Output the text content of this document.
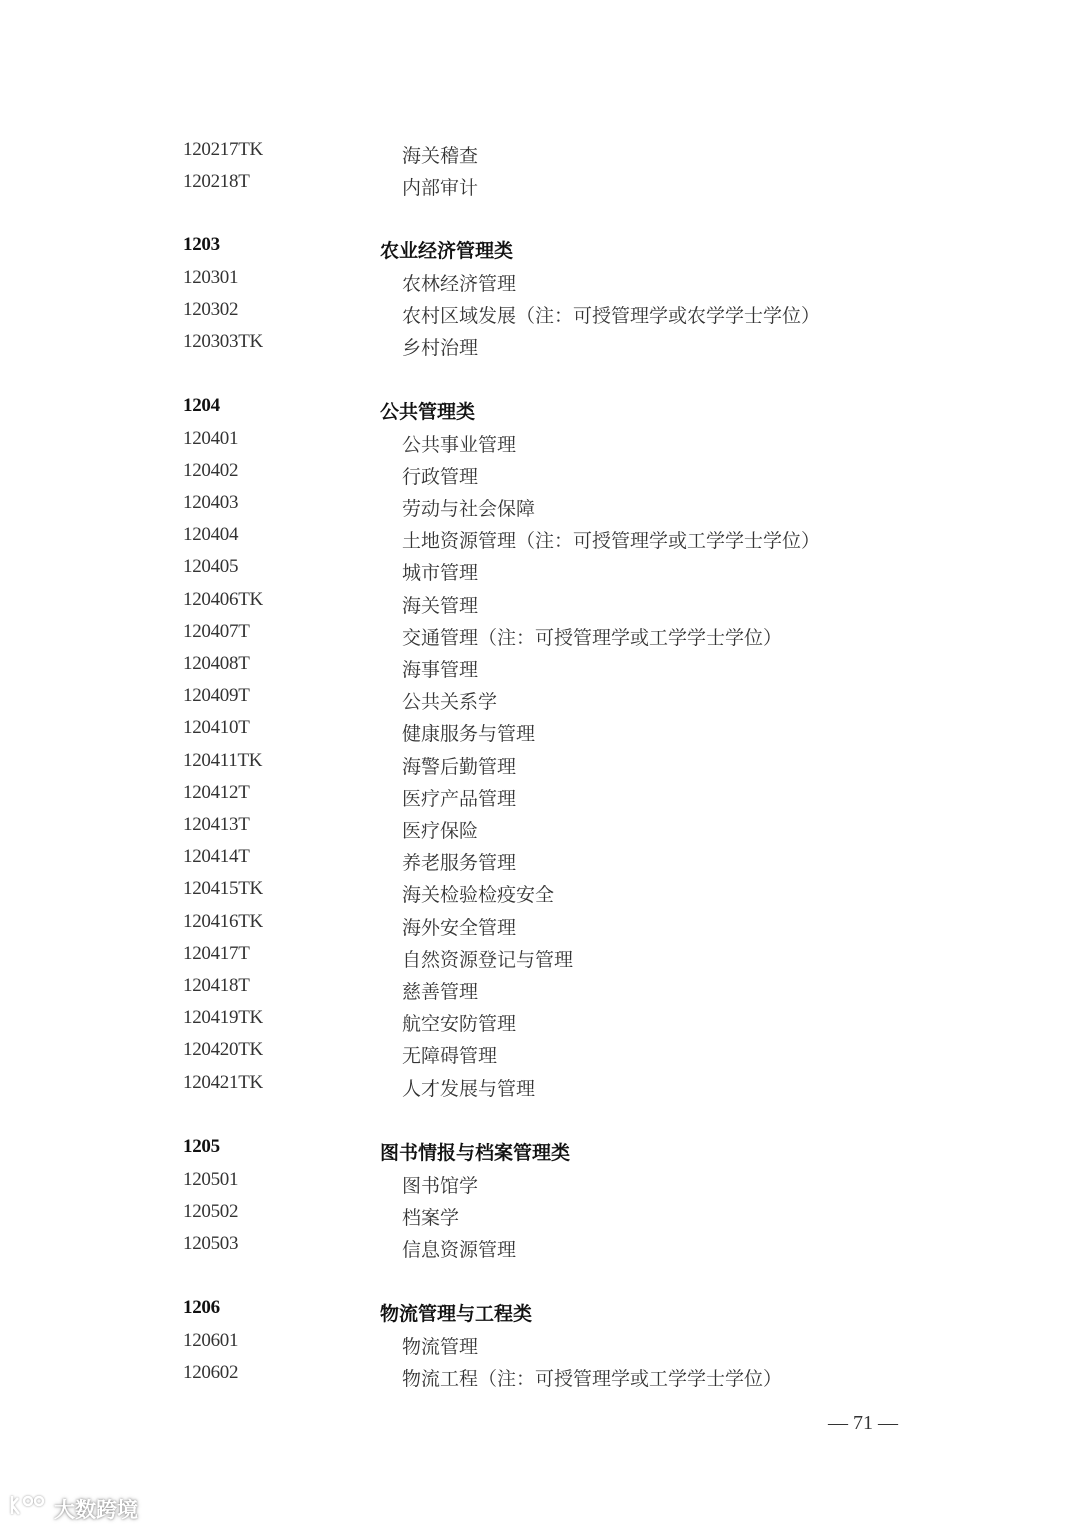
120217TK	海关稽查
120218T	内部审计
1203	农业经济管理类
120301	农林经济管理
120302	农村区域发展（注：可授管理学或农学学士学位）
120303TK	乡村治理
1204	公共管理类
120401	公共事业管理
120402	行政管理
120403	劳动与社会保障
120404	土地资源管理（注：可授管理学或工学学士学位）
120405	城市管理
120406TK	海关管理
120407T	交通管理（注：可授管理学或工学学士学位）
120408T	海事管理
120409T	公共关系学
120410T	健康服务与管理
120411TK	海警后勤管理
120412T	医疗产品管理
120413T	医疗保险
120414T	养老服务管理
120415TK	海关检验检疫安全
120416TK	海外安全管理
120417T	自然资源登记与管理
120418T	慈善管理
120419TK	航空安防管理
120420TK	无障碍管理
120421TK	人才发展与管理
1205	图书情报与档案管理类
120501	图书馆学
120502	档案学
120503	信息资源管理
1206	物流管理与工程类
120601	物流管理
120602	物流工程（注：可授管理学或工学学士学位）
— 71 —
大数跨境
